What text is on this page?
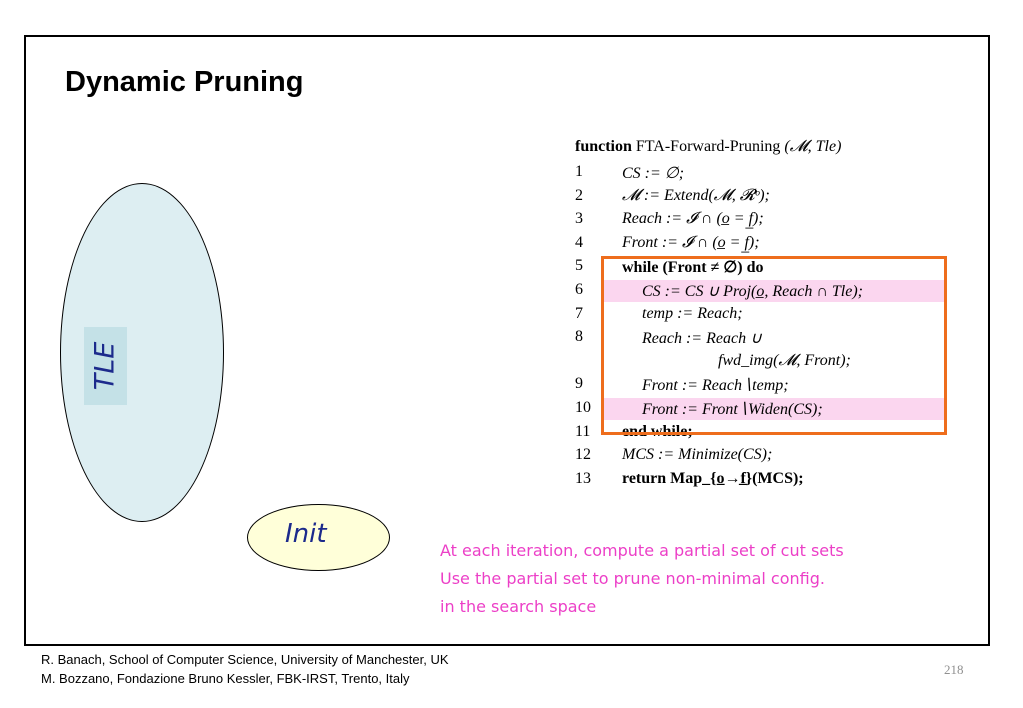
Dynamic Pruning
TLE
Init
function FTA-Forward-Pruning (𝓜, Tle)
1	CS := ∅;
2	𝓜 := Extend(𝓜, 𝓡ᵒ);
3	Reach := 𝓘 ∩ (o̲ = f̲);
4	Front := 𝓘 ∩ (o̲ = f̲);
5	while (Front ≠ ∅) do
6	CS := CS ∪ Proj(o̲, Reach ∩ Tle);
7	temp := Reach;
8	Reach := Reach ∪
fwd_img(𝓜, Front);
9	Front := Reach∖temp;
10	Front := Front∖Widen(CS);
11	end while;
12	MCS := Minimize(CS);
13	return Map_{o̲→f̲}(MCS);
At each iteration, compute a partial set of cut sets
Use the partial set to prune non-minimal config.
in the search space
R. Banach, School of Computer Science, University of Manchester, UK
M. Bozzano, Fondazione Bruno Kessler, FBK-IRST, Trento, Italy
218
